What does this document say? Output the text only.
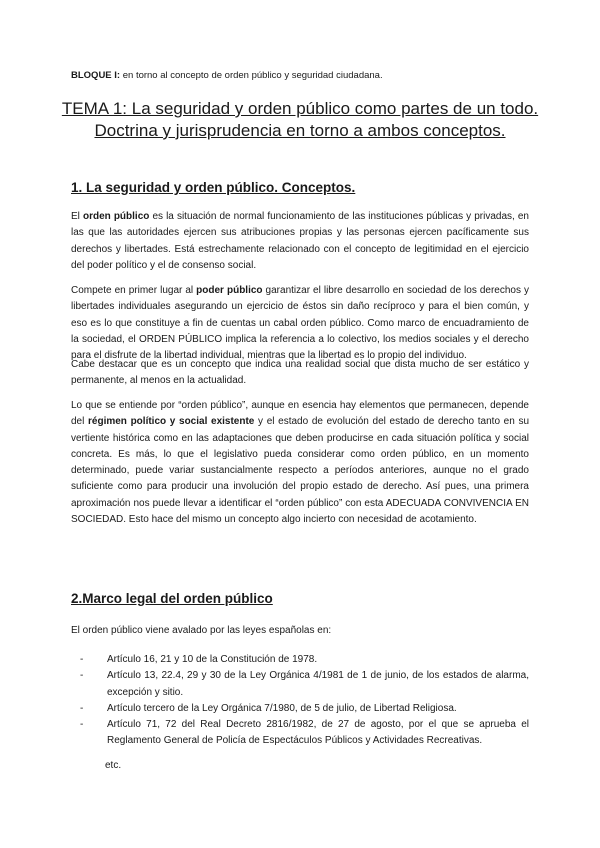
BLOQUE I: en torno al concepto de orden público y seguridad ciudadana.
TEMA 1: La seguridad y orden público como partes de un todo. Doctrina y jurisprudencia en torno a ambos conceptos.
1. La seguridad y orden público. Conceptos.
El orden público es la situación de normal funcionamiento de las instituciones públicas y privadas, en las que las autoridades ejercen sus atribuciones propias y las personas ejercen pacíficamente sus derechos y libertades. Está estrechamente relacionado con el concepto de legitimidad en el ejercicio del poder político y el de consenso social.
Compete en primer lugar al poder público garantizar el libre desarrollo en sociedad de los derechos y libertades individuales asegurando un ejercicio de éstos sin daño recíproco y para el bien común, y eso es lo que constituye a fin de cuentas un cabal orden público. Como marco de encuadramiento de la sociedad, el ORDEN PÚBLICO implica la referencia a lo colectivo, los medios sociales y el derecho para el disfrute de la libertad individual, mientras que la libertad es lo propio del individuo.
Cabe destacar que es un concepto que indica una realidad social que dista mucho de ser estático y permanente, al menos en la actualidad.
Lo que se entiende por “orden público”, aunque en esencia hay elementos que permanecen, depende del régimen político y social existente y el estado de evolución del estado de derecho tanto en su vertiente histórica como en las adaptaciones que deben producirse en cada situación política y social concreta. Es más, lo que el legislativo pueda considerar como orden público, en un momento determinado, puede variar sustancialmente respecto a períodos anteriores, aunque no el grado suficiente como para producir una involución del propio estado de derecho. Así pues, una primera aproximación nos puede llevar a identificar el “orden público” con esta ADECUADA CONVIVENCIA EN SOCIEDAD. Esto hace del mismo un concepto algo incierto con necesidad de acotamiento.
2.Marco legal del orden público
El orden público viene avalado por las leyes españolas en:
- Artículo 16, 21 y 10 de la Constitución de 1978.
- Artículo 13, 22.4, 29 y 30 de la Ley Orgánica 4/1981 de 1 de junio, de los estados de alarma, excepción y sitio.
- Artículo tercero de la Ley Orgánica 7/1980, de 5 de julio, de Libertad Religiosa.
- Artículo 71, 72 del Real Decreto 2816/1982, de 27 de agosto, por el que se aprueba el Reglamento General de Policía de Espectáculos Públicos y Actividades Recreativas.
etc.
